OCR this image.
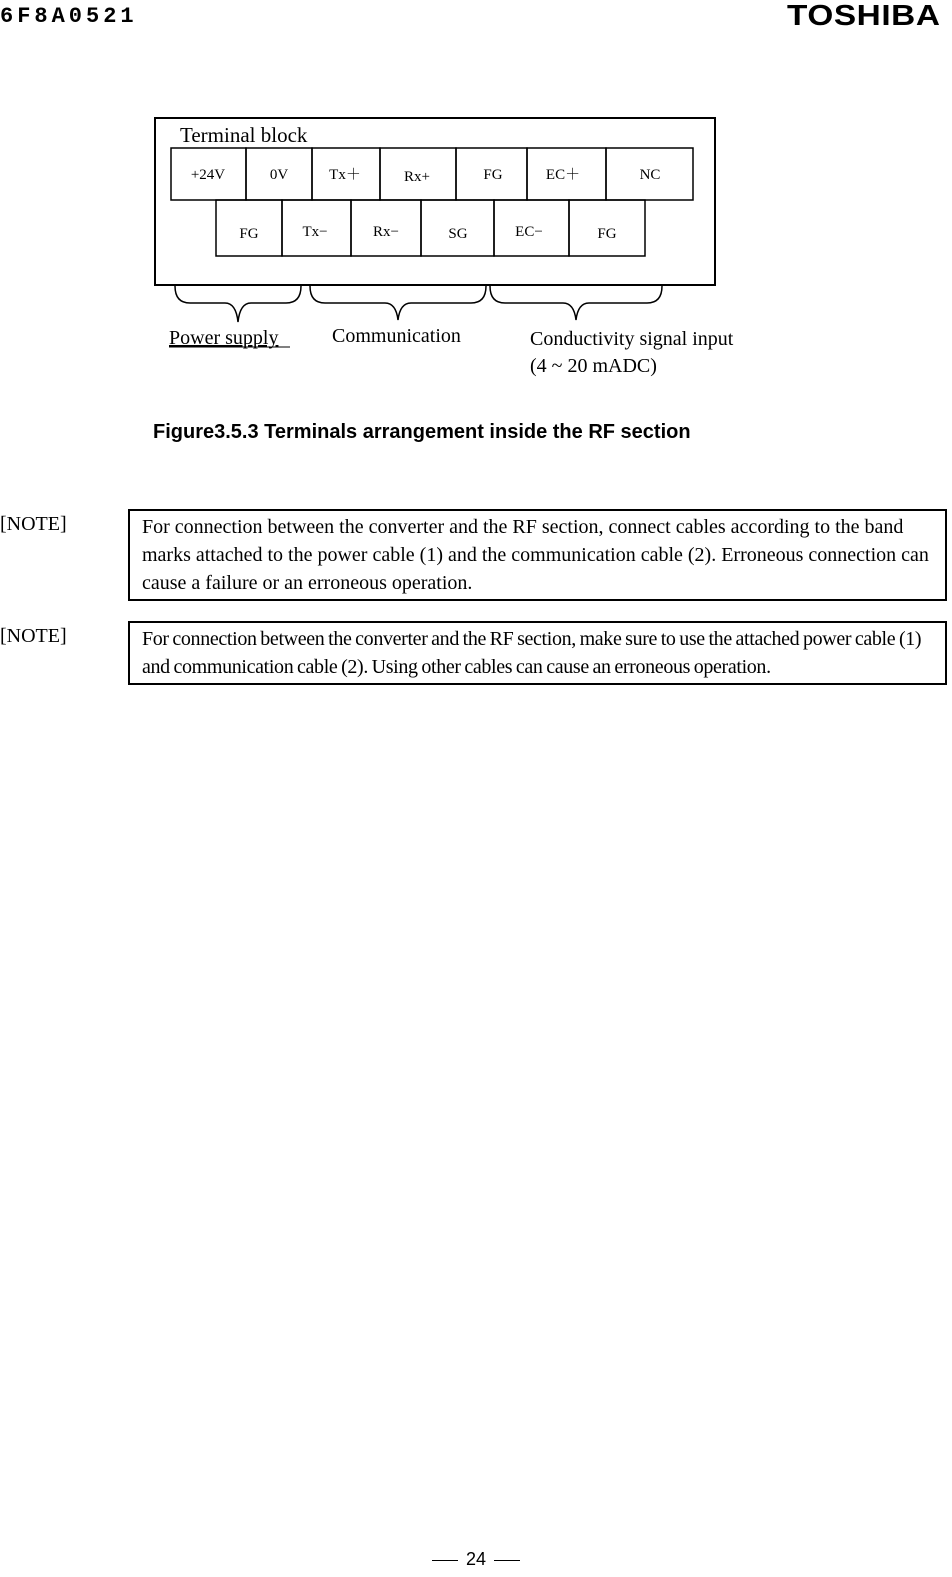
6F8A0521	TOSHIBA
Terminal block
+24V	0V	Tx＋	Rx+	FG	EC＋	NC
FG	Tx−	Rx−	SG	EC−	FG
Power supply	Communication	Conductivity signal input
(4 ~ 20 mADC)
Figure3.5.3 Terminals arrangement inside the RF section
[NOTE]	For connection between the converter and the RF section, connect cables according to the band marks attached to the power cable (1) and the communication cable (2). Erroneous connection can cause a failure or an erroneous operation.
[NOTE]	For connection between the converter and the RF section, make sure to use the attached power cable (1) and communication cable (2). Using other cables can cause an erroneous operation.
24
